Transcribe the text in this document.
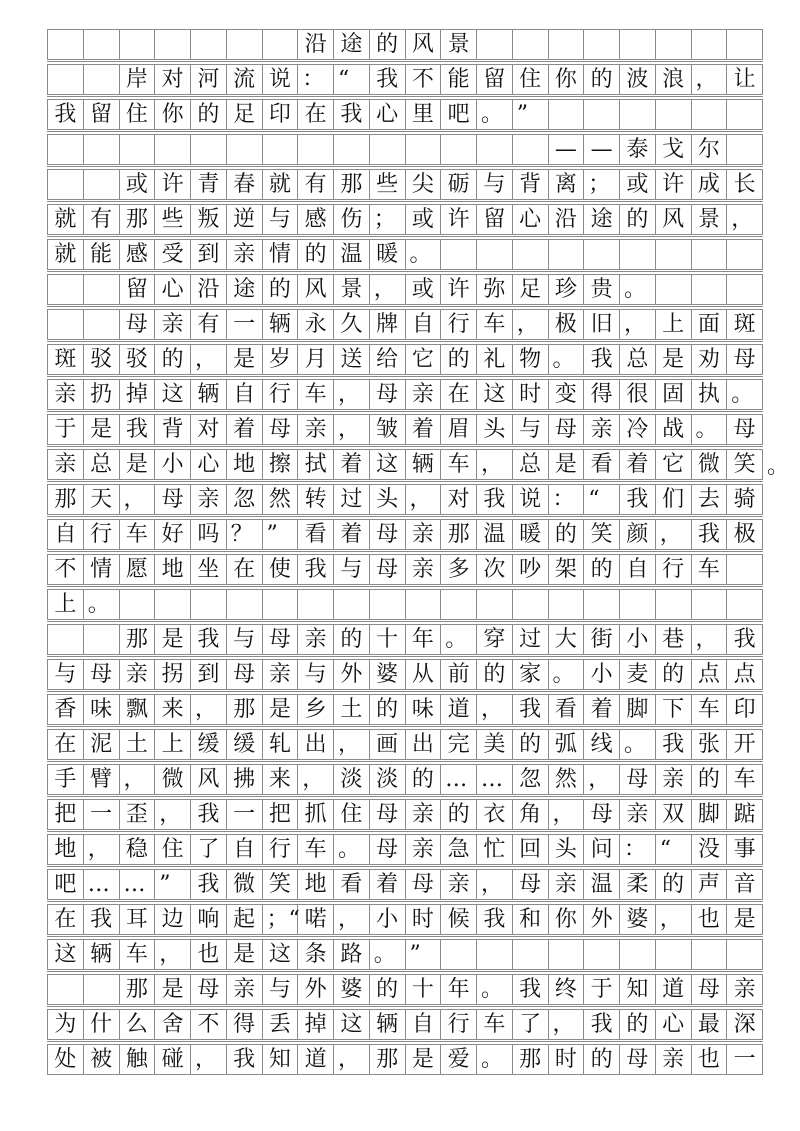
沿 途 的 风 景
岸 对 河 流 说 ： “	我 不 能 留 住 你 的 波 浪 ， 让
我 留 住 你 的 足 印 在 我 心 里 吧 。 ”
— — 泰 戈 尔
或 许 青 春 就 有 那 些 尖 砺 与 背 离 ； 或 许 成 长
就 有 那 些 叛 逆 与 感 伤 ； 或 许 留 心 沿 途 的 风 景 ，
就 能 感 受 到 亲 情 的 温 暖 。
留 心 沿 途 的 风 景 ， 或 许 弥 足 珍 贵 。
母 亲 有 一 辆 永 久 牌 自 行 车 ， 极 旧 ， 上 面 斑
斑 驳 驳 的 ， 是 岁 月 送 给 它 的 礼 物 。 我 总 是 劝 母
亲 扔 掉 这 辆 自 行 车 ， 母 亲 在 这 时 变 得 很 固 执 。
于 是 我 背 对 着 母 亲 ， 皱 着 眉 头 与 母 亲 冷 战 。 母
亲 总 是 小 心 地 擦 拭 着 这 辆 车 ， 总 是 看 着 它 微 笑 。
那 天 ， 母 亲 忽 然 转 过 头 ， 对 我 说 ： “	我 们 去 骑
自 行 车 好 吗 ？ ”	看 着 母 亲 那 温 暖 的 笑 颜 ， 我 极
不 情 愿 地 坐 在 使 我 与 母 亲 多 次 吵 架 的 自 行 车
上 。
那 是 我 与 母 亲 的 十 年 。 穿 过 大 街 小 巷 ， 我
与 母 亲 拐 到 母 亲 与 外 婆 从 前 的 家 。 小 麦 的 点 点
香 味 飘 来 ， 那 是 乡 土 的 味 道 ， 我 看 着 脚 下 车 印
在 泥 土 上 缓 缓 轧 出 ， 画 出 完 美 的 弧 线 。 我 张 开
手 臂 ， 微 风 拂 来 ， 淡 淡 的 … … 忽 然 ， 母 亲 的 车
把 一 歪 ， 我 一 把 抓 住 母 亲 的 衣 角 ， 母 亲 双 脚 踮
地 ， 稳 住 了 自 行 车 。 母 亲 急 忙 回 头 问 ： “	没 事
吧 … … ”	我 微 笑 地 看 着 母 亲 ， 母 亲 温 柔 的 声 音
在 我 耳 边 响 起 ；“ 喏 ， 小 时 候 我 和 你 外 婆 ， 也 是
这 辆 车 ， 也 是 这 条 路 。 ”
那 是 母 亲 与 外 婆 的 十 年 。 我 终 于 知 道 母 亲
为 什 么 舍 不 得 丢 掉 这 辆 自 行 车 了 ， 我 的 心 最 深
处 被 触 碰 ， 我 知 道 ， 那 是 爱 。 那 时 的 母 亲 也 一
